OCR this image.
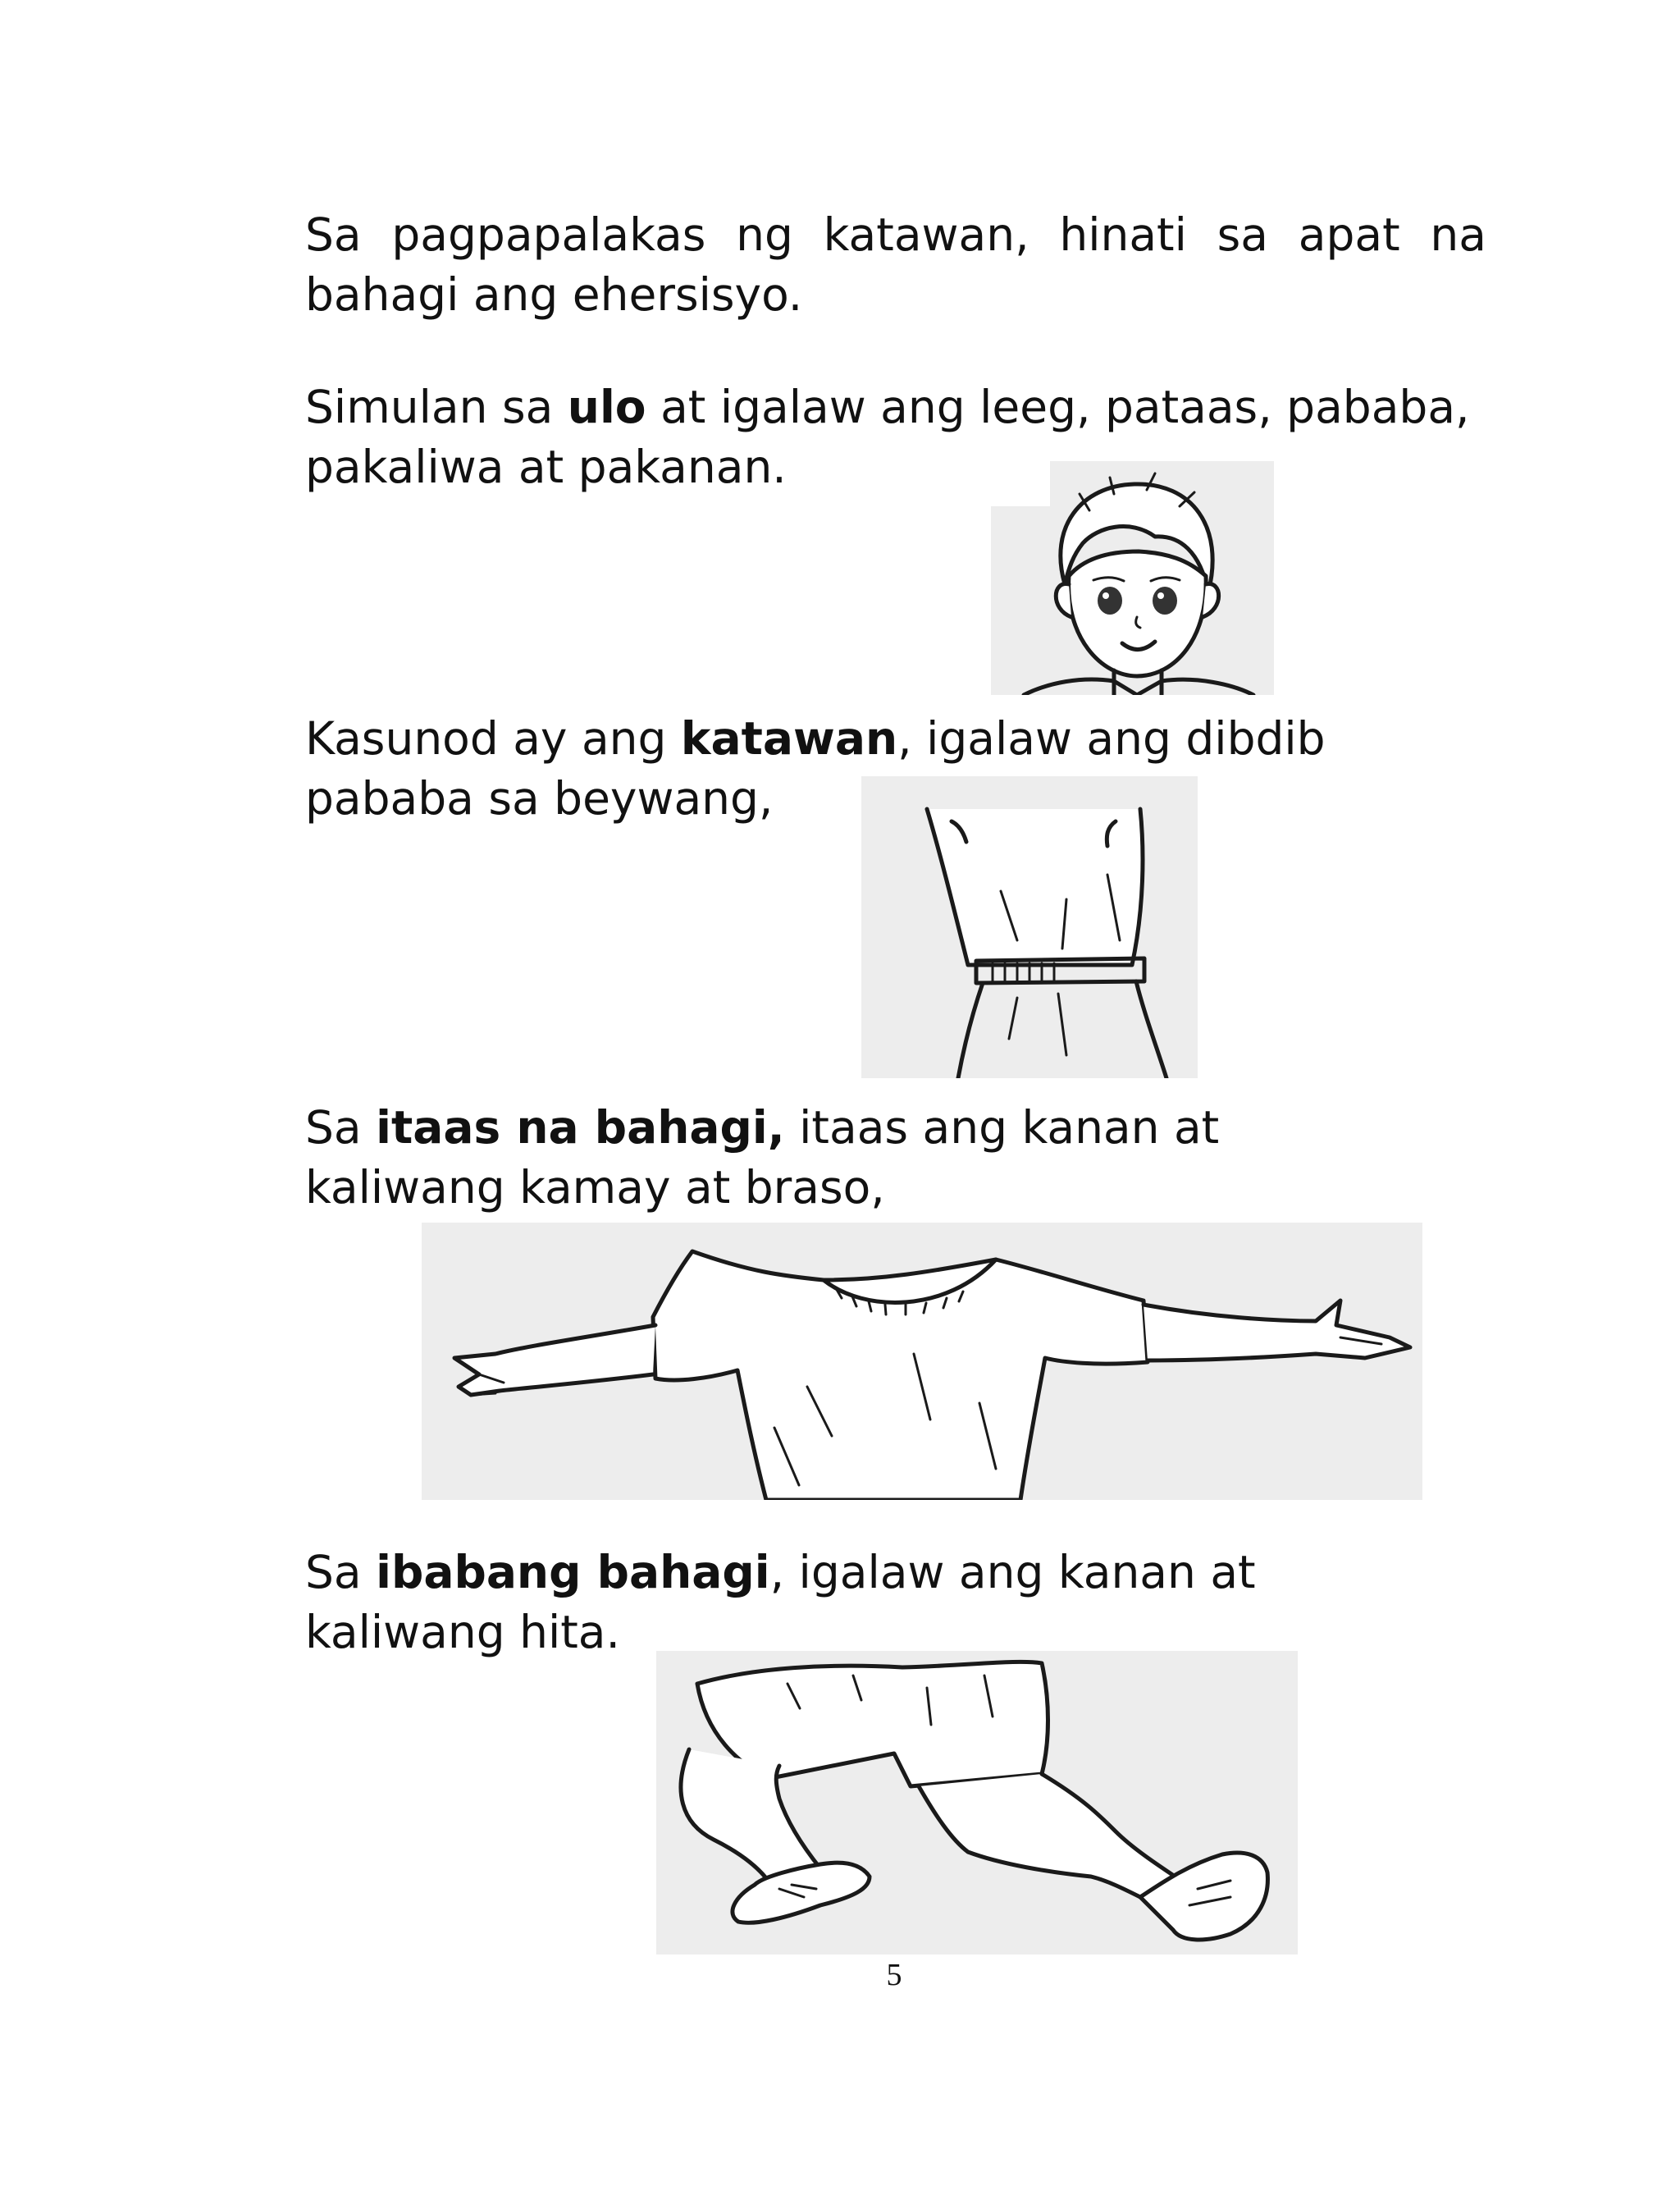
Sa pagpapalakas ng katawan, hinati sa apat na bahagi ang ehersisyo.

Simulan sa ulo at igalaw ang leeg, pataas, pababa, pakaliwa at pakanan.

Kasunod ay ang katawan, igalaw ang dibdib pababa sa beywang,

Sa itaas na bahagi, itaas ang kanan at kaliwang kamay at braso,

Sa ibabang bahagi, igalaw ang kanan at kaliwang hita.

5
